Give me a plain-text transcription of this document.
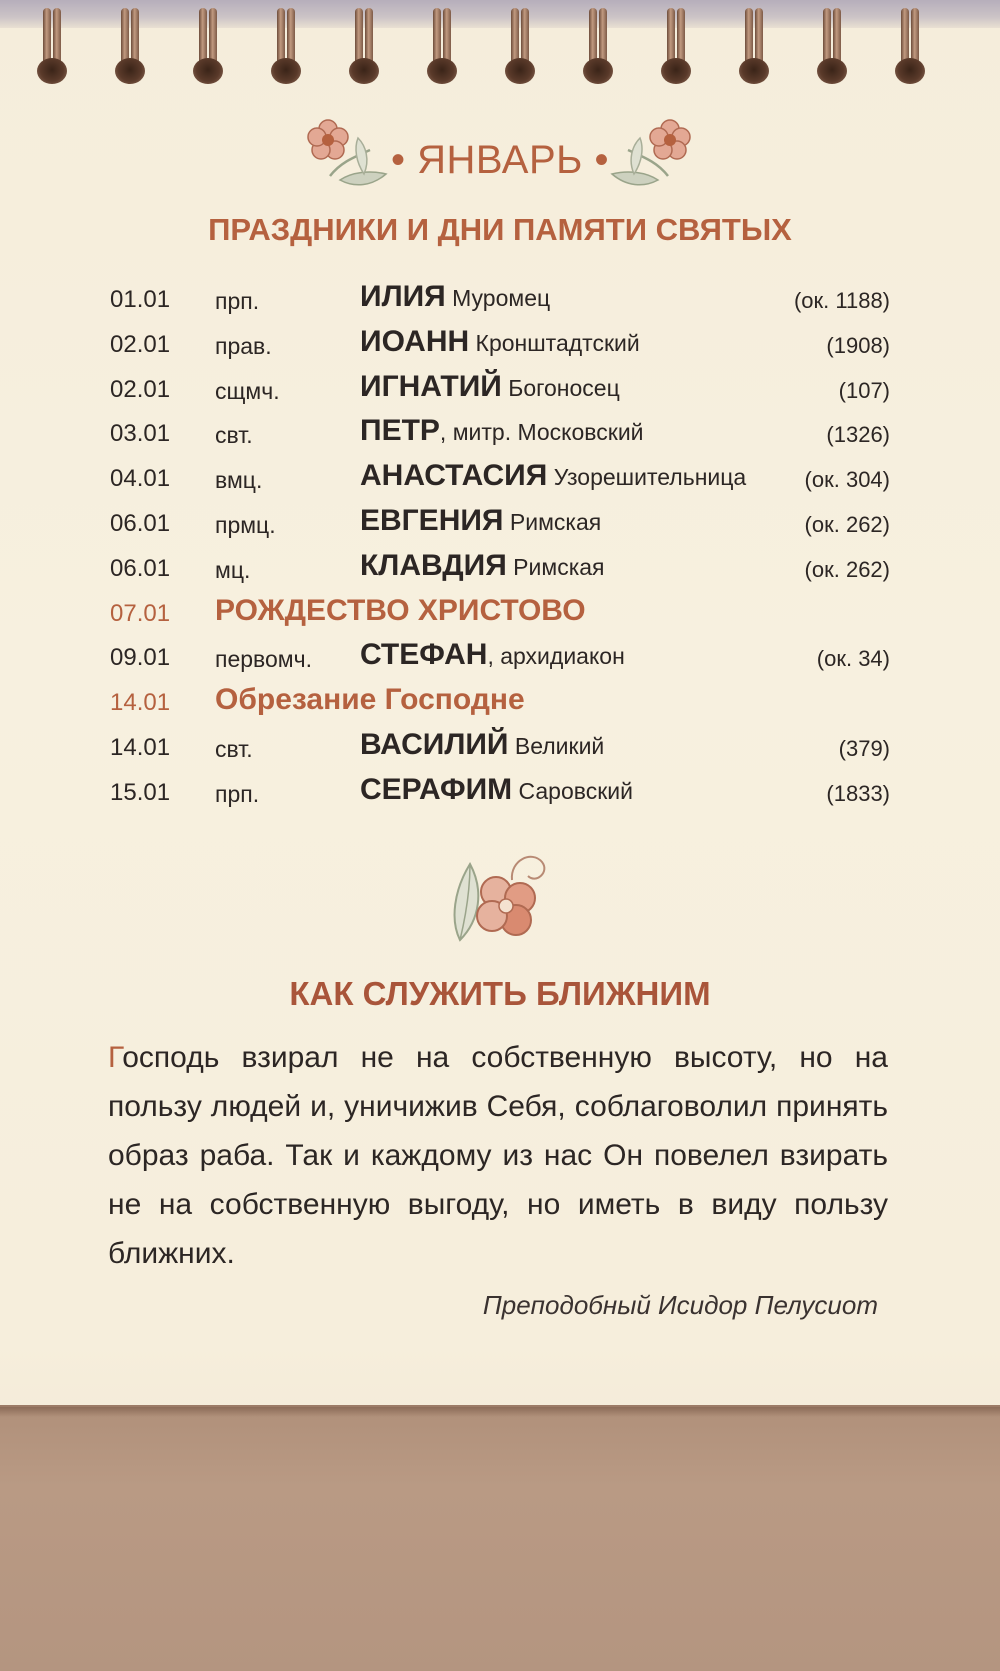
• ЯНВАРЬ •
ПРАЗДНИКИ И ДНИ ПАМЯТИ СВЯТЫХ
01.01 прп.	ИЛИЯ Муромец	(ок. 1188)
02.01 прав.	ИОАНН Кронштадтский	(1908)
02.01 сщмч.	ИГНАТИЙ Богоносец	(107)
03.01 свт.	ПЕТР, митр. Московский	(1326)
04.01 вмц.	АНАСТАСИЯ Узорешительница	(ок. 304)
06.01 прмц.	ЕВГЕНИЯ Римская	(ок. 262)
06.01 мц.	КЛАВДИЯ Римская	(ок. 262)
07.01 РОЖДЕСТВО ХРИСТОВО
09.01 первомч. СТЕФАН, архидиакон	(ок. 34)
14.01 Обрезание Господне
14.01 свт.	ВАСИЛИЙ Великий	(379)
15.01 прп.	СЕРАФИМ Саровский	(1833)
КАК СЛУЖИТЬ БЛИЖНИМ
Господь взирал не на собственную высоту, но на пользу людей и, уничижив Себя, соблаговолил принять образ раба. Так и каждому из нас Он повелел взирать не на собственную выгоду, но иметь в виду пользу ближних.
Преподобный Исидор Пелусиот
